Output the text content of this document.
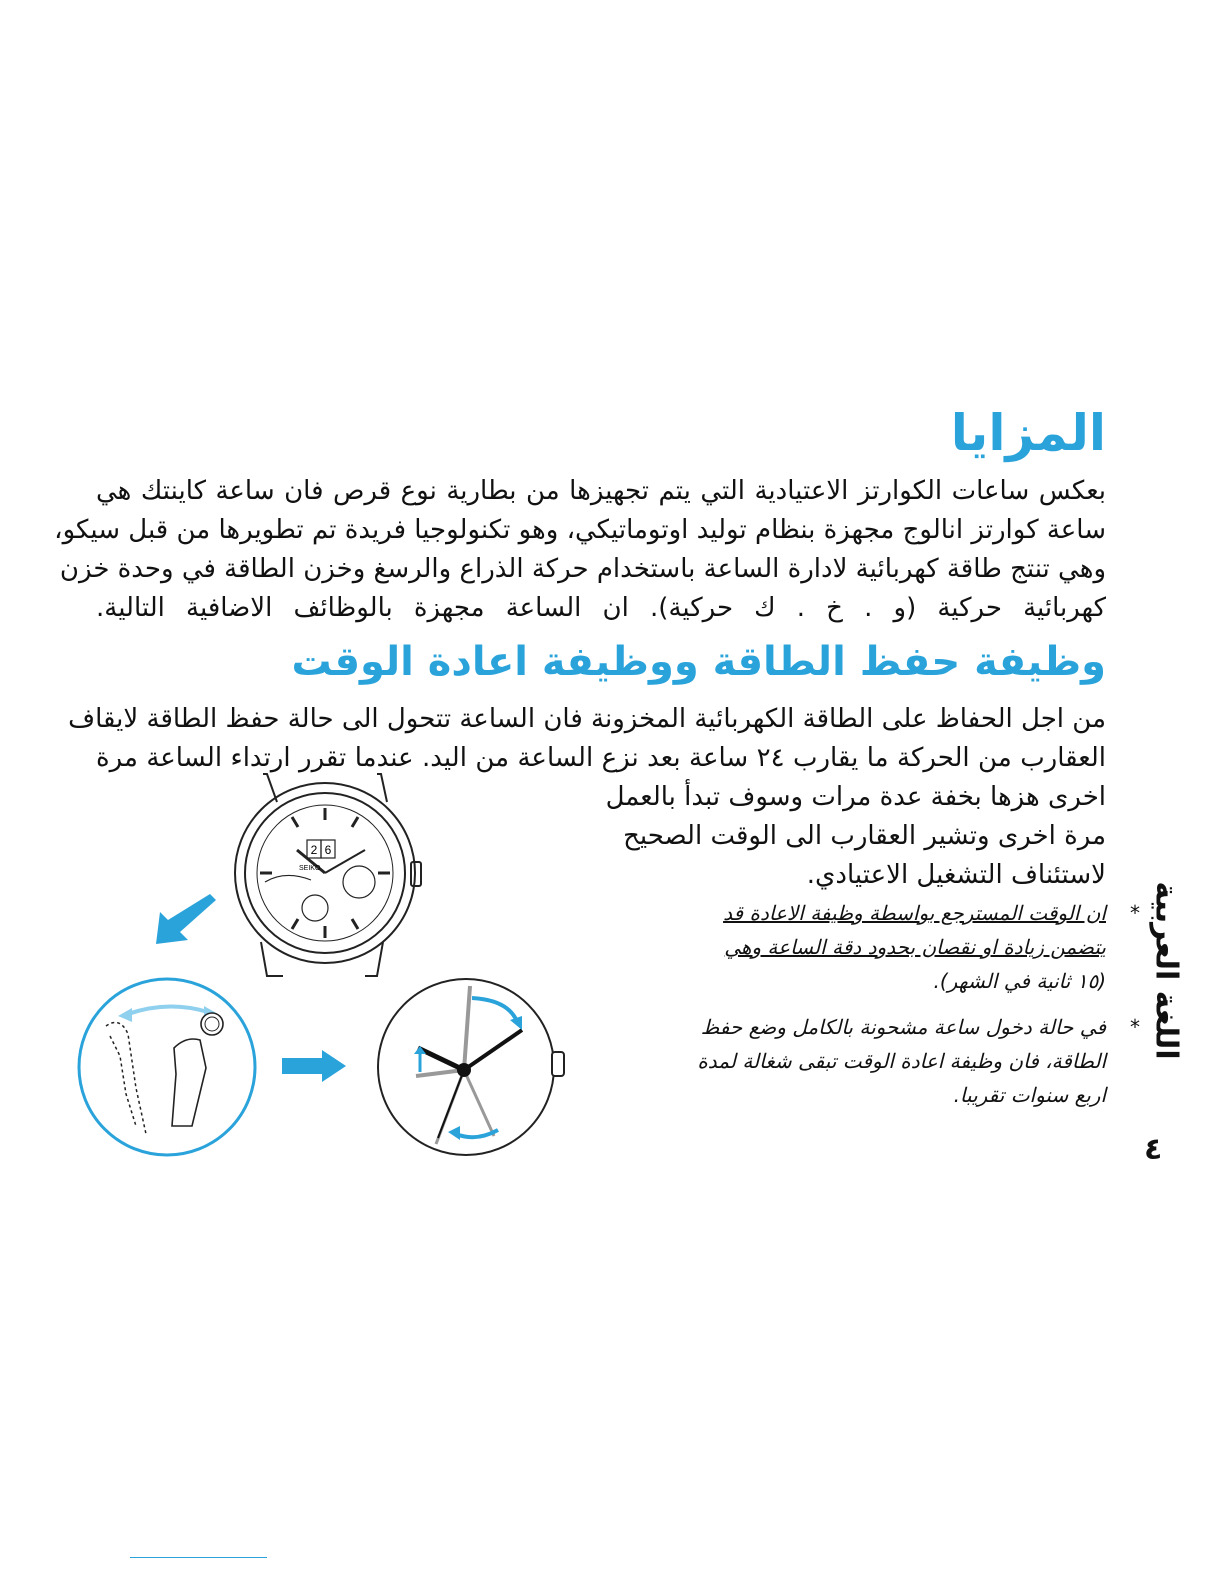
المزايا
بعكس ساعات الكوارتز الاعتيادية التي يتم تجهيزها من بطارية نوع قرص فان ساعة كاينتك هي
ساعة كوارتز انالوج مجهزة بنظام توليد اوتوماتيكي، وهو تكنولوجيا فريدة تم تطويرها من قبل سيكو،
وهي تنتج طاقة كهربائية لادارة الساعة باستخدام حركة الذراع والرسغ وخزن الطاقة في وحدة خزن
كهربائية حركية (و . خ . ك حركية). ان الساعة مجهزة بالوظائف الاضافية التالية.
وظيفة حفظ الطاقة ووظيفة اعادة الوقت
من اجل الحفاظ على الطاقة الكهربائية المخزونة فان الساعة تتحول الى حالة حفظ الطاقة لايقاف
العقارب من الحركة ما يقارب ٢٤ ساعة بعد نزع الساعة من اليد. عندما تقرر ارتداء الساعة مرة
اخرى هزها بخفة عدة مرات وسوف تبدأ بالعمل
مرة اخرى وتشير العقارب الى الوقت الصحيح
لاستئناف التشغيل الاعتيادي.
*
ان الوقت المسترجع بواسطة وظيفة الاعادة قد
يتضمن زيادة او نقصان بحدود دقة الساعة وهي
(١٥ ثانية في الشهر).
*
في حالة دخول ساعة مشحونة بالكامل وضع حفظ
الطاقة، فان وظيفة اعادة الوقت تبقى شغالة لمدة
اربع سنوات تقريبا.
اللغة العربية
٤
2 6
SEIKO
